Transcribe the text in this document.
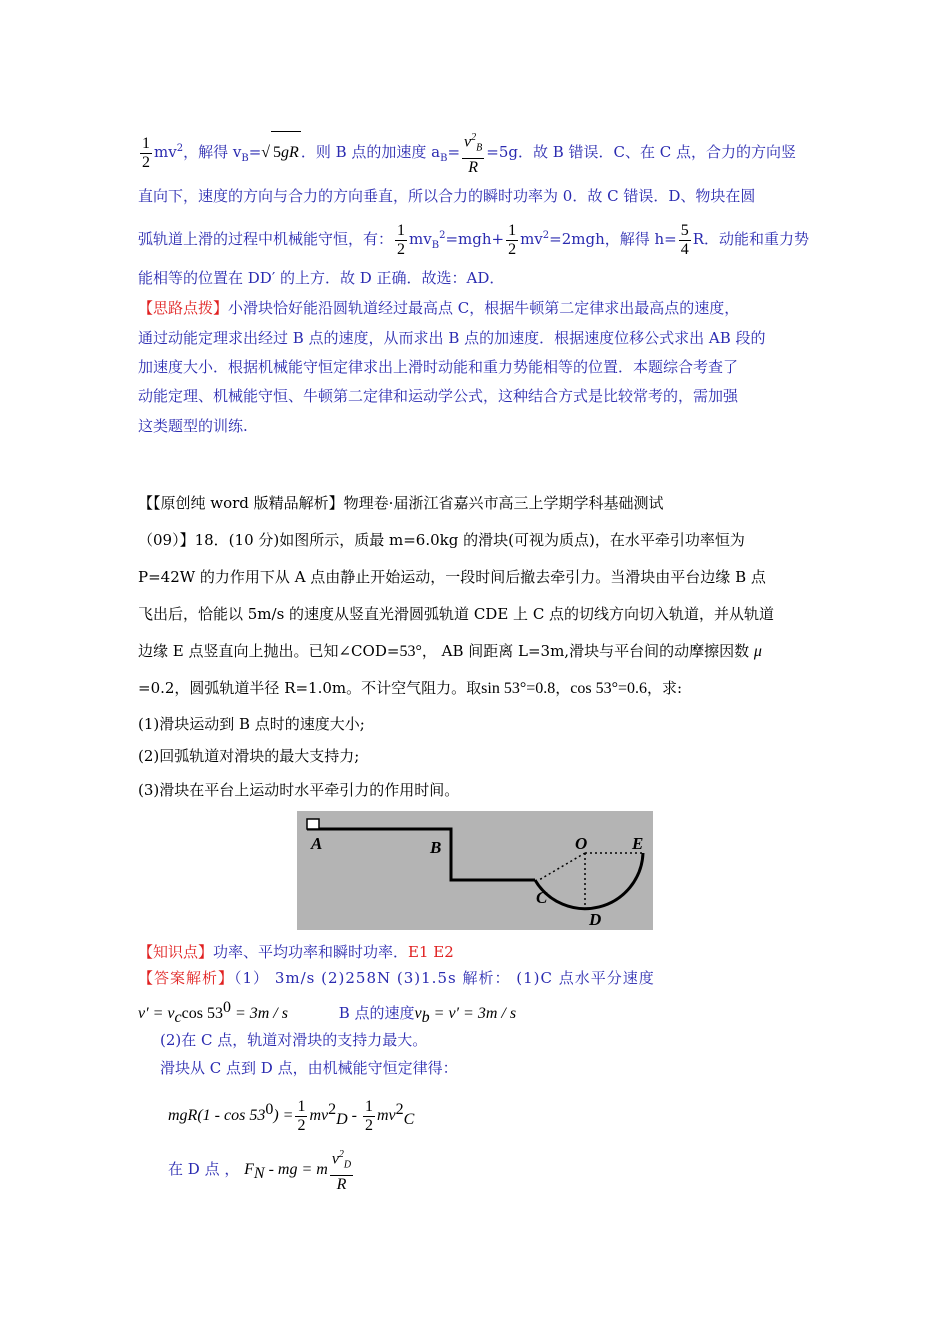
$\frac{1}{2} mv^2$，解得 $v_B=√$ 5gR ．则 B 点的加速度 $a_B= \frac{v^2_B}{R} =5g$．故 B 错误．C、在 C 点，合力的方向竖
直向下，速度的方向与合力的方向垂直，所以合力的瞬时功率为 0．故 C 错误．D、物块在圆
弧轨道上滑的过程中机械能守恒，有： $\frac{1}{2} mv_B^2=mgh+ \frac{1}{2} mv^2=2mgh$，解得 $h= \frac{5}{4}$ R．动能和重力势
能相等的位置在 DD′ 的上方．故 D 正确．故选：AD．
【思路点拨】小滑块恰好能沿圆轨道经过最高点 C，根据牛顿第二定律求出最高点的速度，
通过动能定理求出经过 B 点的速度，从而求出 B 点的加速度．根据速度位移公式求出 AB 段的
加速度大小．根据机械能守恒定律求出上滑时动能和重力势能相等的位置．本题综合考查了
动能定理、机械能守恒、牛顿第二定律和运动学公式，这种结合方式是比较常考的，需加强
这类题型的训练.
【【原创纯 word 版精品解析】物理卷·届浙江省嘉兴市高三上学期学科基础测试
（09）】18．(10 分)如图所示，质最 m=6.0kg 的滑块(可视为质点)，在水平牵引功率恒为
P=42W 的力作用下从 A 点由静止开始运动，一段时间后撤去牵引力。当滑块由平台边缘 B 点
飞出后，恰能以 5m/s 的速度从竖直光滑圆弧轨道 CDE 上 C 点的切线方向切入轨道，并从轨道
边缘 E 点竖直向上抛出。已知∠COD=53°， AB 间距离 L=3m,滑块与平台间的动摩擦因数 μ
=0.2，圆弧轨道半径 R=1.0m。不计空气阻力。取sin 53°=0.8，cos 53°=0.6，求:
(1)滑块运动到 B 点时的速度大小;
(2)回弧轨道对滑块的最大支持力;
(3)滑块在平台上运动时水平牵引力的作用时间。
A	B	O	E
C
D
【知识点】功率、平均功率和瞬时功率．E1 E2
【答案解析】（1） 3m/s (2)258N (3)1.5s 解析： (1)C 点水平分速度
$v' = v_c\cos$ $53^0 = 3m / s$	B 点的速度$v_b = v' = 3m / s$
(2)在 C 点，轨道对滑块的支持力最大。
滑块从 C 点到 D 点，由机械能守恒定律得：
$mgR(1 - \cos 53^0) = \frac{1}{2} mv^2_D - \frac{1}{2} mv^2_C$
在 D 点 ， $F_N$ - mg = m $\frac{v^2_D}{R}$
